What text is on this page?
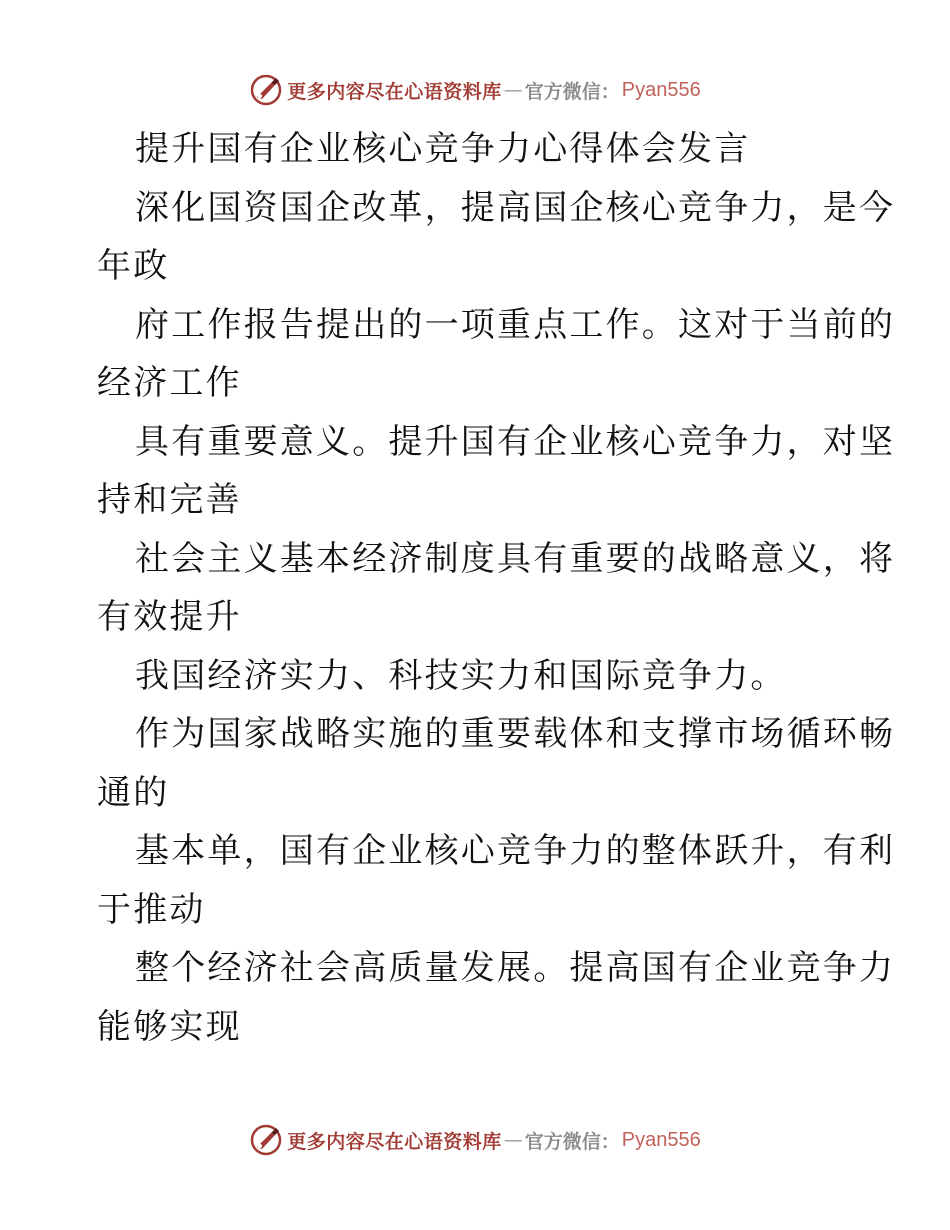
更多内容尽在心语资料库 — 官方微信： Pyan556
提升国有企业核心竞争力心得体会发言
深化国资国企改革，提高国企核心竞争力，是今
年政
府工作报告提出的一项重点工作。这对于当前的
经济工作
具有重要意义。提升国有企业核心竞争力，对坚
持和完善
社会主义基本经济制度具有重要的战略意义，将
有效提升
我国经济实力、科技实力和国际竞争力。
作为国家战略实施的重要载体和支撑市场循环畅
通的
基本单，国有企业核心竞争力的整体跃升，有利
于推动
整个经济社会高质量发展。提高国有企业竞争力
能够实现
更多内容尽在心语资料库 — 官方微信： Pyan556
